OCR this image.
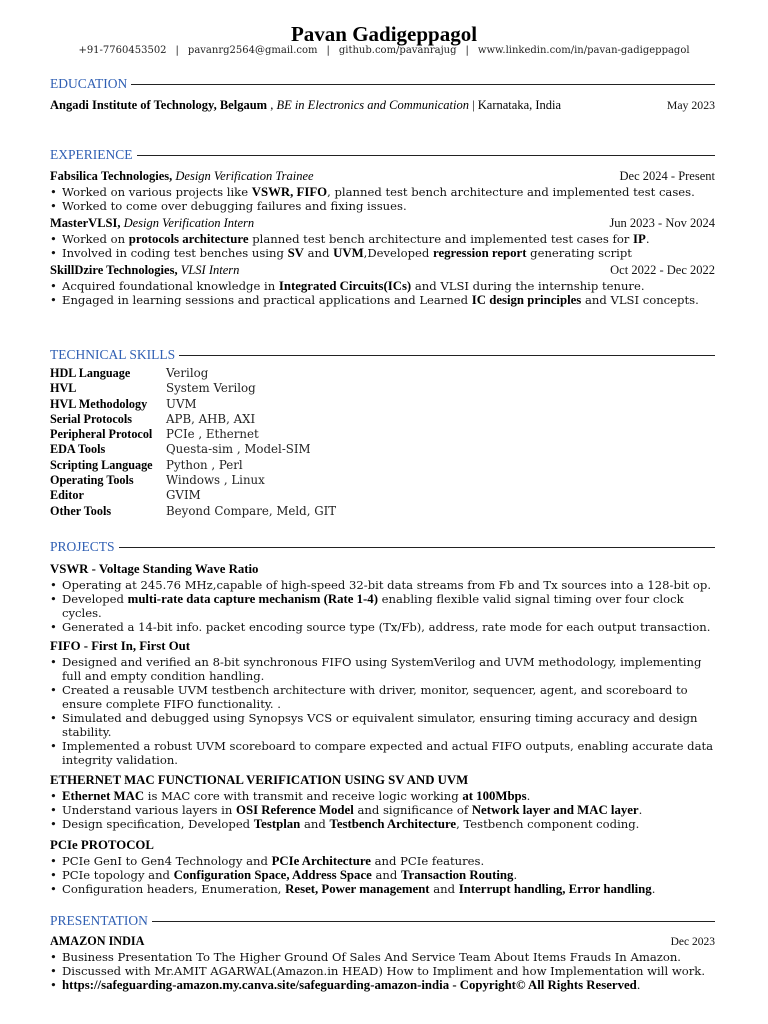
Pavan Gadigeppagol
+91-7760453502 | pavanrg2564@gmail.com | github.com/pavanrajug | www.linkedin.com/in/pavan-gadigeppagol
EDUCATION
Angadi Institute of Technology, Belgaum , BE in Electronics and Communication | Karnataka, India	May 2023
EXPERIENCE
Fabsilica Technologies, Design Verification Trainee	Dec 2024 - Present
• Worked on various projects like VSWR, FIFO, planned test bench architecture and implemented test cases.
• Worked to come over debugging failures and fixing issues.
MasterVLSI, Design Verification Intern	Jun 2023 - Nov 2024
• Worked on protocols architecture planned test bench architecture and implemented test cases for IP.
• Involved in coding test benches using SV and UVM,Developed regression report generating script
SkillDzire Technologies, VLSI Intern	Oct 2022 - Dec 2022
• Acquired foundational knowledge in Integrated Circuits(ICs) and VLSI during the internship tenure.
• Engaged in learning sessions and practical applications and Learned IC design principles and VLSI concepts.
TECHNICAL SKILLS
HDL Language	Verilog
HVL	System Verilog
HVL Methodology	UVM
Serial Protocols	APB, AHB, AXI
Peripheral Protocol	PCIe , Ethernet
EDA Tools	Questa-sim , Model-SIM
Scripting Language	Python , Perl
Operating Tools	Windows , Linux
Editor	GVIM
Other Tools	Beyond Compare, Meld, GIT
PROJECTS
VSWR - Voltage Standing Wave Ratio
• Operating at 245.76 MHz,capable of high-speed 32-bit data streams from Fb and Tx sources into a 128-bit op.
• Developed multi-rate data capture mechanism (Rate 1-4) enabling flexible valid signal timing over four clock cycles.
• Generated a 14-bit info. packet encoding source type (Tx/Fb), address, rate mode for each output transaction.
FIFO - First In, First Out
• Designed and verified an 8-bit synchronous FIFO using SystemVerilog and UVM methodology, implementing full and empty condition handling.
• Created a reusable UVM testbench architecture with driver, monitor, sequencer, agent, and scoreboard to ensure complete FIFO functionality. .
• Simulated and debugged using Synopsys VCS or equivalent simulator, ensuring timing accuracy and design stability.
• Implemented a robust UVM scoreboard to compare expected and actual FIFO outputs, enabling accurate data integrity validation.
ETHERNET MAC FUNCTIONAL VERIFICATION USING SV AND UVM
• Ethernet MAC is MAC core with transmit and receive logic working at 100Mbps.
• Understand various layers in OSI Reference Model and significance of Network layer and MAC layer.
• Design specification, Developed Testplan and Testbench Architecture, Testbench component coding.
PCIe PROTOCOL
• PCIe GenI to Gen4 Technology and PCIe Architecture and PCIe features.
• PCIe topology and Configuration Space, Address Space and Transaction Routing.
• Configuration headers, Enumeration, Reset, Power management and Interrupt handling, Error handling.
PRESENTATION
AMAZON INDIA	Dec 2023
• Business Presentation To The Higher Ground Of Sales And Service Team About Items Frauds In Amazon.
• Discussed with Mr.AMIT AGARWAL(Amazon.in HEAD) How to Impliment and how Implementation will work.
• https://safeguarding-amazon.my.canva.site/safeguarding-amazon-india - Copyright© All Rights Reserved.
